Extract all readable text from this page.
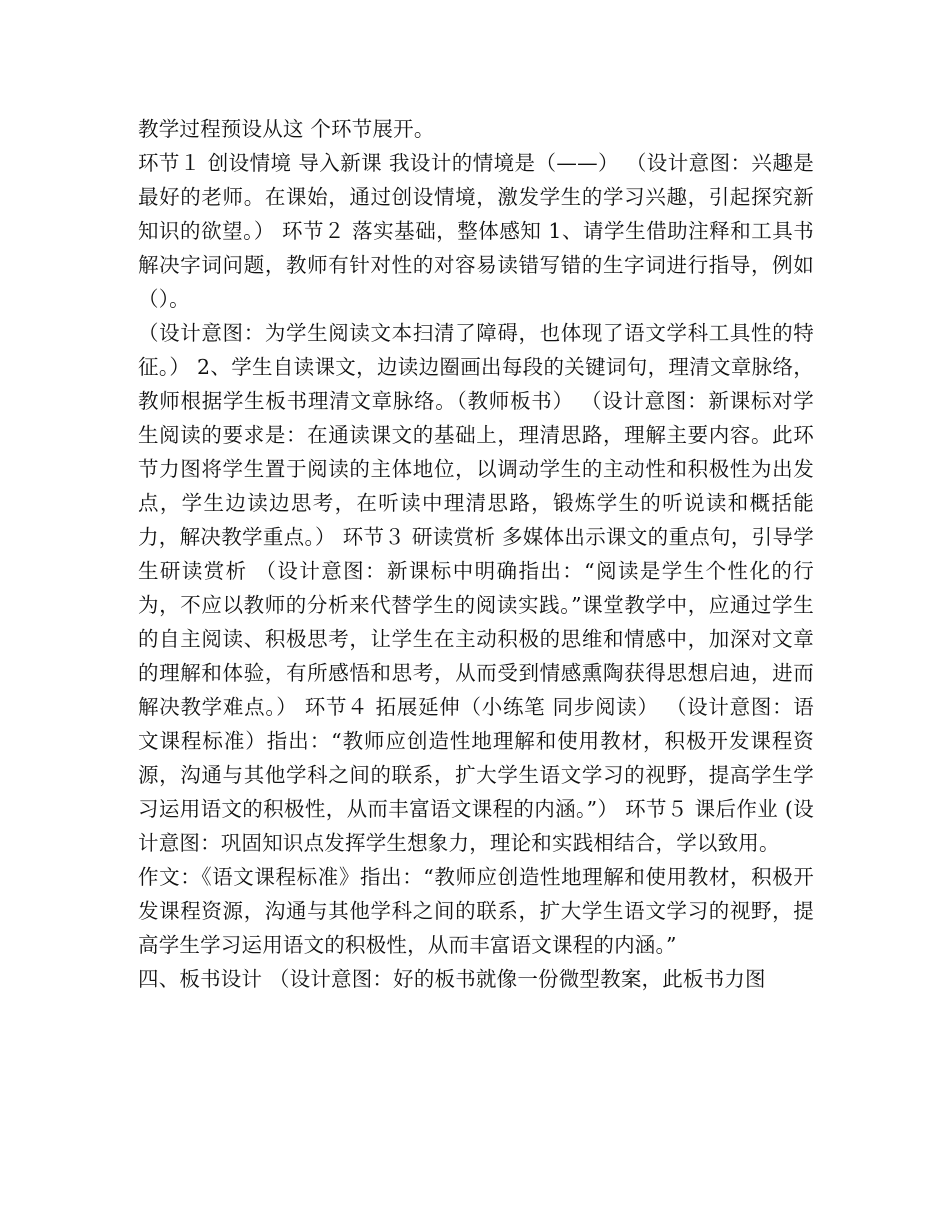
教学过程预设从这 个环节展开。

环节１ 创设情境 导入新课 我设计的情境是（——） （设计意图：兴趣是最好的老师。在课始，通过创设情境，激发学生的学习兴趣，引起探究新知识的欲望。） 环节２ 落实基础，整体感知 1、请学生借助注释和工具书解决字词问题，教师有针对性的对容易读错写错的生字词进行指导，例如（）。

（设计意图：为学生阅读文本扫清了障碍，也体现了语文学科工具性的特征。） 2、学生自读课文，边读边圈画出每段的关键词句，理清文章脉络，教师根据学生板书理清文章脉络。（教师板书） （设计意图：新课标对学生阅读的要求是：在通读课文的基础上，理清思路，理解主要内容。此环节力图将学生置于阅读的主体地位，以调动学生的主动性和积极性为出发点，学生边读边思考，在听读中理清思路，锻炼学生的听说读和概括能力，解决教学重点。） 环节３ 研读赏析 多媒体出示课文的重点句，引导学生研读赏析 （设计意图：新课标中明确指出：“阅读是学生个性化的行为，不应以教师的分析来代替学生的阅读实践。”课堂教学中，应通过学生的自主阅读、积极思考，让学生在主动积极的思维和情感中，加深对文章的理解和体验，有所感悟和思考，从而受到情感熏陶获得思想启迪，进而解决教学难点。） 环节４ 拓展延伸（小练笔 同步阅读） （设计意图：语文课程标准）指出：“教师应创造性地理解和使用教材，积极开发课程资源，沟通与其他学科之间的联系，扩大学生语文学习的视野，提高学生学习运用语文的积极性，从而丰富语文课程的内涵。”） 环节５ 课后作业 (设计意图：巩固知识点发挥学生想象力，理论和实践相结合，学以致用。

作文：《语文课程标准》指出：“教师应创造性地理解和使用教材，积极开发课程资源，沟通与其他学科之间的联系，扩大学生语文学习的视野，提高学生学习运用语文的积极性，从而丰富语文课程的内涵。”

四、板书设计 （设计意图：好的板书就像一份微型教案，此板书力图
